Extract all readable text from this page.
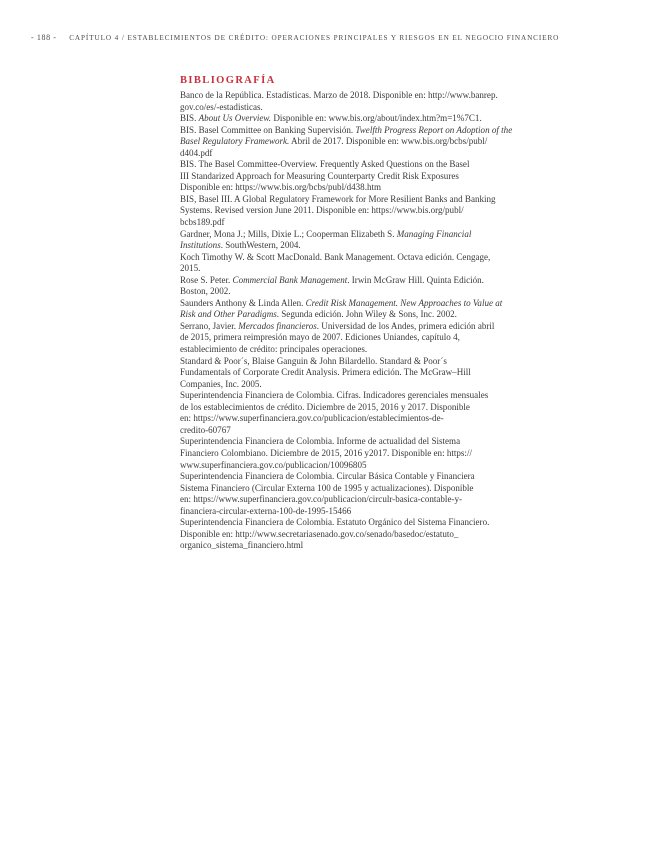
- 188 - CAPÍTULO 4 / ESTABLECIMIENTOS DE CRÉDITO: OPERACIONES PRINCIPALES Y RIESGOS EN EL NEGOCIO FINANCIERO
BIBLIOGRAFÍA
Banco de la República. Estadísticas. Marzo de 2018. Disponible en: http://www.banrep.
gov.co/es/-estadisticas.
BIS. About Us Overview. Disponible en: www.bis.org/about/index.htm?m=1%7C1.
BIS. Basel Committee on Banking Supervisión. Twelfth Progress Report on Adoption of the
Basel Regulatory Framework. Abril de 2017. Disponible en: www.bis.org/bcbs/publ/
d404.pdf
BIS. The Basel Committee-Overview. Frequently Asked Questions on the Basel
III Standarized Approach for Measuring Counterparty Credit Risk Exposures
Disponible en: https://www.bis.org/bcbs/publ/d438.htm
BIS, Basel III. A Global Regulatory Framework for More Resilient Banks and Banking
Systems. Revised version June 2011. Disponible en: https://www.bis.org/publ/
bcbs189.pdf
Gardner, Mona J.; Mills, Dixie L.; Cooperman Elizabeth S. Managing Financial
Institutions. SouthWestern, 2004.
Koch Timothy W. & Scott MacDonald. Bank Management. Octava edición. Cengage,
2015.
Rose S. Peter. Commercial Bank Management. Irwin McGraw Hill. Quinta Edición.
Boston, 2002.
Saunders Anthony & Linda Allen. Credit Risk Management. New Approaches to Value at
Risk and Other Paradigms. Segunda edición. John Wiley & Sons, Inc. 2002.
Serrano, Javier. Mercados financieros. Universidad de los Andes, primera edición abril
de 2015, primera reimpresión mayo de 2007. Ediciones Uniandes, capítulo 4,
establecimiento de crédito: principales operaciones.
Standard & Poor´s, Blaise Ganguin & John Bilardello. Standard & Poor´s
Fundamentals of Corporate Credit Analysis. Primera edición. The McGraw–Hill
Companies, Inc. 2005.
Superintendencia Financiera de Colombia. Cifras. Indicadores gerenciales mensuales
de los establecimientos de crédito. Diciembre de 2015, 2016 y 2017. Disponible
en: https://www.superfinanciera.gov.co/publicacion/establecimientos-de-
credito-60767
Superintendencia Financiera de Colombia. Informe de actualidad del Sistema
Financiero Colombiano. Diciembre de 2015, 2016 y2017. Disponible en: https://
www.superfinanciera.gov.co/publicacion/10096805
Superintendencia Financiera de Colombia. Circular Básica Contable y Financiera
Sistema Financiero (Circular Externa 100 de 1995 y actualizaciones). Disponible
en: https://www.superfinanciera.gov.co/publicacion/circulr-basica-contable-y-
financiera-circular-externa-100-de-1995-15466
Superintendencia Financiera de Colombia. Estatuto Orgánico del Sistema Financiero.
Disponible en: http://www.secretariasenado.gov.co/senado/basedoc/estatuto_
organico_sistema_financiero.html
